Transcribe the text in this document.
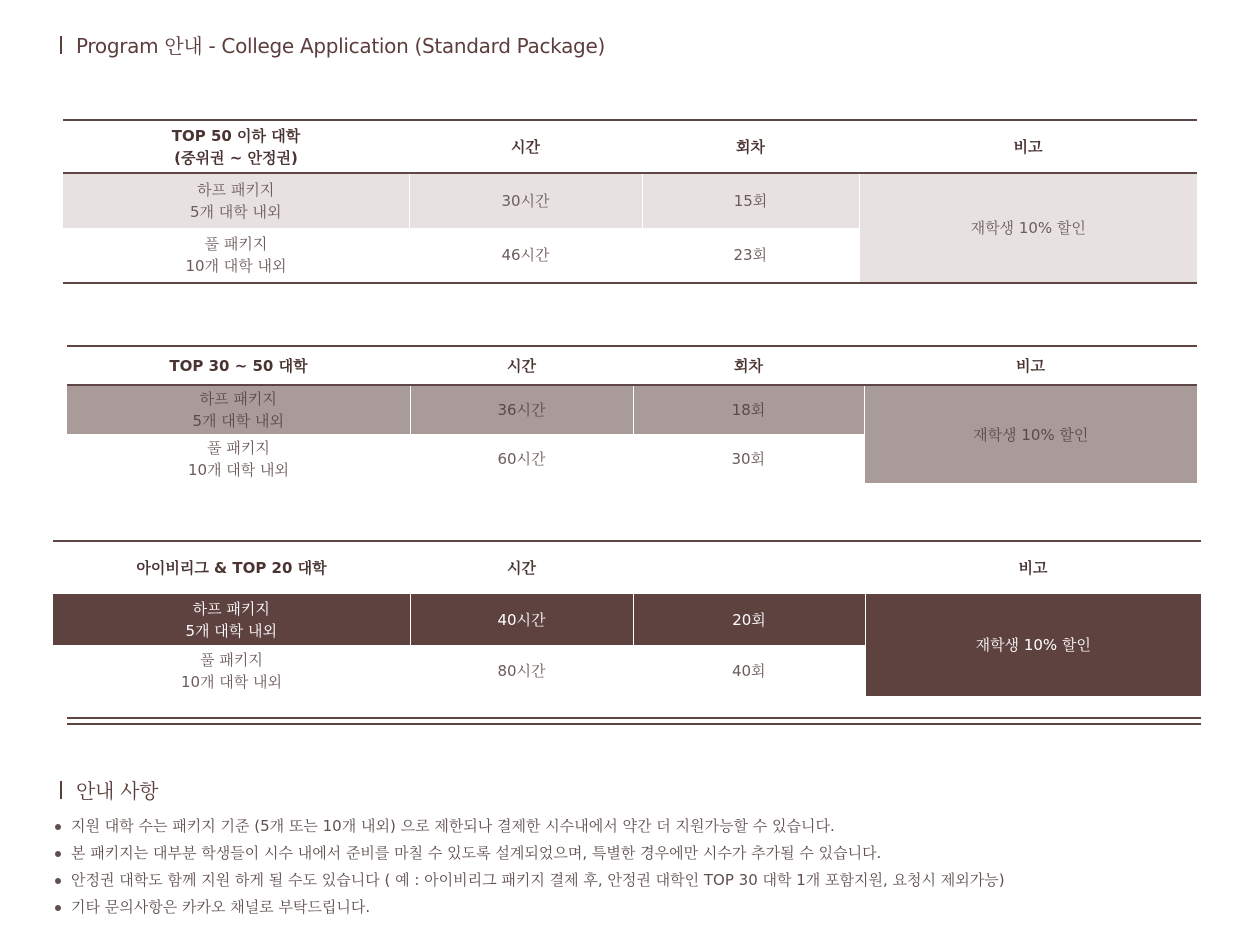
Program 안내 - College Application (Standard Package)
TOP 50 이하 대학
(중위권 ~ 안정권)	시간	회차	비고
하프 패키지
5개 대학 내외	30시간	15회	재학생 10% 할인
풀 패키지
10개 대학 내외	46시간	23회	
TOP 30 ~ 50 대학	시간	회차	비고
하프 패키지
5개 대학 내외	36시간	18회	재학생 10% 할인
풀 패키지
10개 대학 내외	60시간	30회	
아이비리그 & TOP 20 대학	시간		비고
하프 패키지
5개 대학 내외	40시간	20회	재학생 10% 할인
풀 패키지
10개 대학 내외	80시간	40회	
안내 사항
지원 대학 수는 패키지 기준 (5개 또는 10개 내외) 으로 제한되나 결제한 시수내에서 약간 더 지원가능할 수 있습니다.
본 패키지는 대부분 학생들이 시수 내에서 준비를 마칠 수 있도록 설계되었으며, 특별한 경우에만 시수가 추가될 수 있습니다.
안정권 대학도 함께 지원 하게 될 수도 있습니다 ( 예 : 아이비리그 패키지 결제 후, 안정권 대학인 TOP 30 대학 1개 포함지원, 요청시 제외가능)
기타 문의사항은 카카오 채널로 부탁드립니다.
